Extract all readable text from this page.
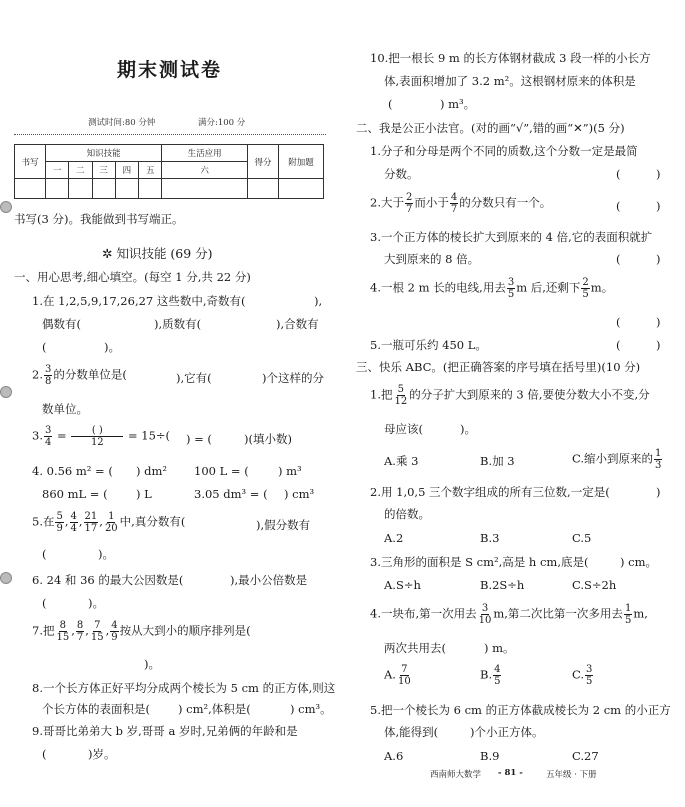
期末测试卷
测试时间:80 分钟	满分:100 分
书写	知识技能					生活应用	得分	附加题
	一	二	三	四	五	六		

书写(3 分)。我能做到书写端正。
✲ 知识技能 (69 分)
一、用心思考,细心填空。(每空 1 分,共 22 分)
1.在 1,2,5,9,17,26,27 这些数中,奇数有(	),
偶数有(	),质数有(	),合数有
(	)。
2. $\frac{3}{8}$ 的分数单位是(	),它有(	)个这样的分
数单位。
3. $\frac{3}{4} = \frac{( )}{12} = 15\div$( ) = (	)(填小数)
4. 0.56 m² = ( ) dm² 100 L = (	) m³
860 mL = ( ) L	3.05 dm³ = ( ) cm³
5.在 $\frac{5}{9}$ , $\frac{4}{4}$ , $\frac{21}{17}$ , $\frac{1}{20}$ 中,真分数有(	),假分数有
(	)。
6. 24 和 36 的最大公因数是(	),最小公倍数是
(	)。
7.把 $\frac{8}{15}$ , $\frac{8}{7}$ , $\frac{7}{15}$ , $\frac{4}{9}$ 按从大到小的顺序排列是(
)。
8.一个长方体正好平均分成两个棱长为 5 cm 的正方体,则这
个长方体的表面积是( ) cm²,体积是(	) cm³。
9.哥哥比弟弟大 b 岁,哥哥 a 岁时,兄弟俩的年龄和是
(	)岁。
10.把一根长 9 m 的长方体钢材截成 3 段一样的小长方
体,表面积增加了 3.2 m²。这根钢材原来的体积是
(	) m³。
二、我是公正小法官。(对的画“√”,错的画“✕”)(5 分)
1.分子和分母是两个不同的质数,这个分数一定是最简
分数。	(	)
2.大于 $\frac{2}{7}$ 而小于 $\frac{4}{7}$ 的分数只有一个。	(	)
3.一个正方体的棱长扩大到原来的 4 倍,它的表面积就扩
大到原来的 8 倍。	(	)
4.一根 2 m 长的电线,用去 $\frac{3}{5}$ m 后,还剩下 $\frac{2}{5}$ m。
(	)
5.一瓶可乐约 450 L。	(	)
三、快乐 ABC。(把正确答案的序号填在括号里)(10 分)
1.把 $\frac{5}{12}$ 的分子扩大到原来的 3 倍,要使分数大小不变,分
母应该(	)。
A.乘 3	B.加 3	C.缩小到原来的 $\frac{1}{3}$
2.用 1,0,5 三个数字组成的所有三位数,一定是(	)
的倍数。
A.2	B.3	C.5
3.三角形的面积是 S cm²,高是 h cm,底是(	) cm。
A.S÷h	B.2S÷h	C.S÷2h
4.一块布,第一次用去 $\frac{3}{10} m$,第二次比第一次多用去 $\frac{1}{5} m$,
两次共用去(	) m。
A. $\frac{7}{10}$	B. $\frac{4}{5}$	C. $\frac{3}{5}$
5.把一个棱长为 6 cm 的正方体截成棱长为 2 cm 的小正方
体,能得到(	)个小正方体。
A.6	B.9	C.27
西南师大数学 - 81 -	五年级 · 下册
